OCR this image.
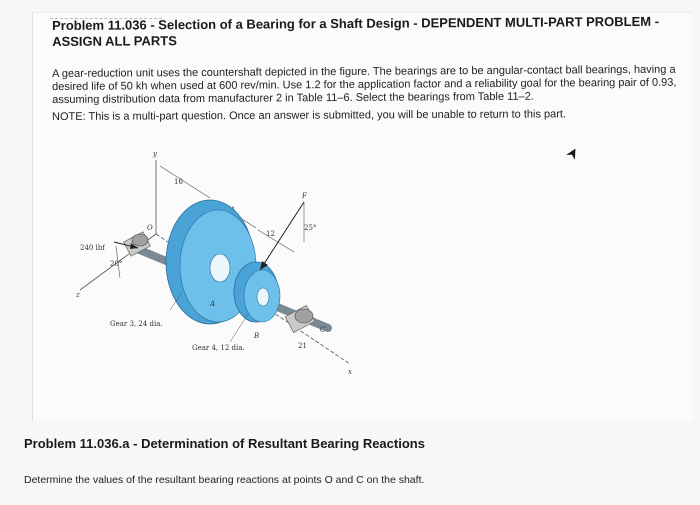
Problem 11.036 - Selection of a Bearing for a Shaft Design - DEPENDENT MULTI-PART PROBLEM - ASSIGN ALL PARTS
A gear-reduction unit uses the countershaft depicted in the figure. The bearings are to be angular-contact ball bearings, having a desired life of 50 kh when used at 600 rev/min. Use 1.2 for the application factor and a reliability goal for the bearing pair of 0.93, assuming distribution data from manufacturer 2 in Table 11–6. Select the bearings from Table 11–2.
NOTE: This is a multi-part question. Once an answer is submitted, you will be unable to return to this part.
y
x
z
O
16
12
21
A
B
C
240 lbf
20°
F
25°
Gear 3, 24 dia.
Gear 4, 12 dia.
Problem 11.036.a - Determination of Resultant Bearing Reactions
Determine the values of the resultant bearing reactions at points O and C on the shaft.
